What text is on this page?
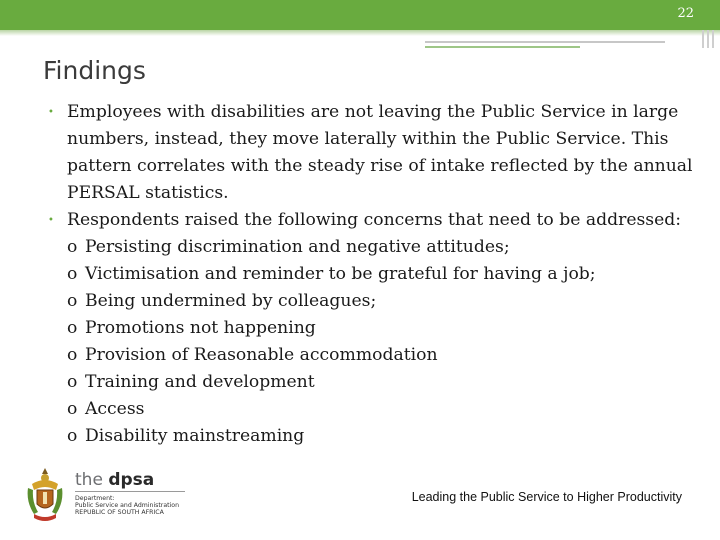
22
Findings
• Employees with disabilities are not leaving the Public Service in large numbers, instead, they move laterally within the Public Service. This pattern correlates with the steady rise of intake reflected by the annual PERSAL statistics.
• Respondents raised the following concerns that need to be addressed:
o Persisting discrimination and negative attitudes;
o Victimisation and reminder to be grateful for having a job;
o Being undermined by colleagues;
o Promotions not happening
o Provision of Reasonable accommodation
o Training and development
o Access
o Disability mainstreaming
the dpsa
Department:
Public Service and Administration
REPUBLIC OF SOUTH AFRICA
Leading the Public Service to Higher Productivity
